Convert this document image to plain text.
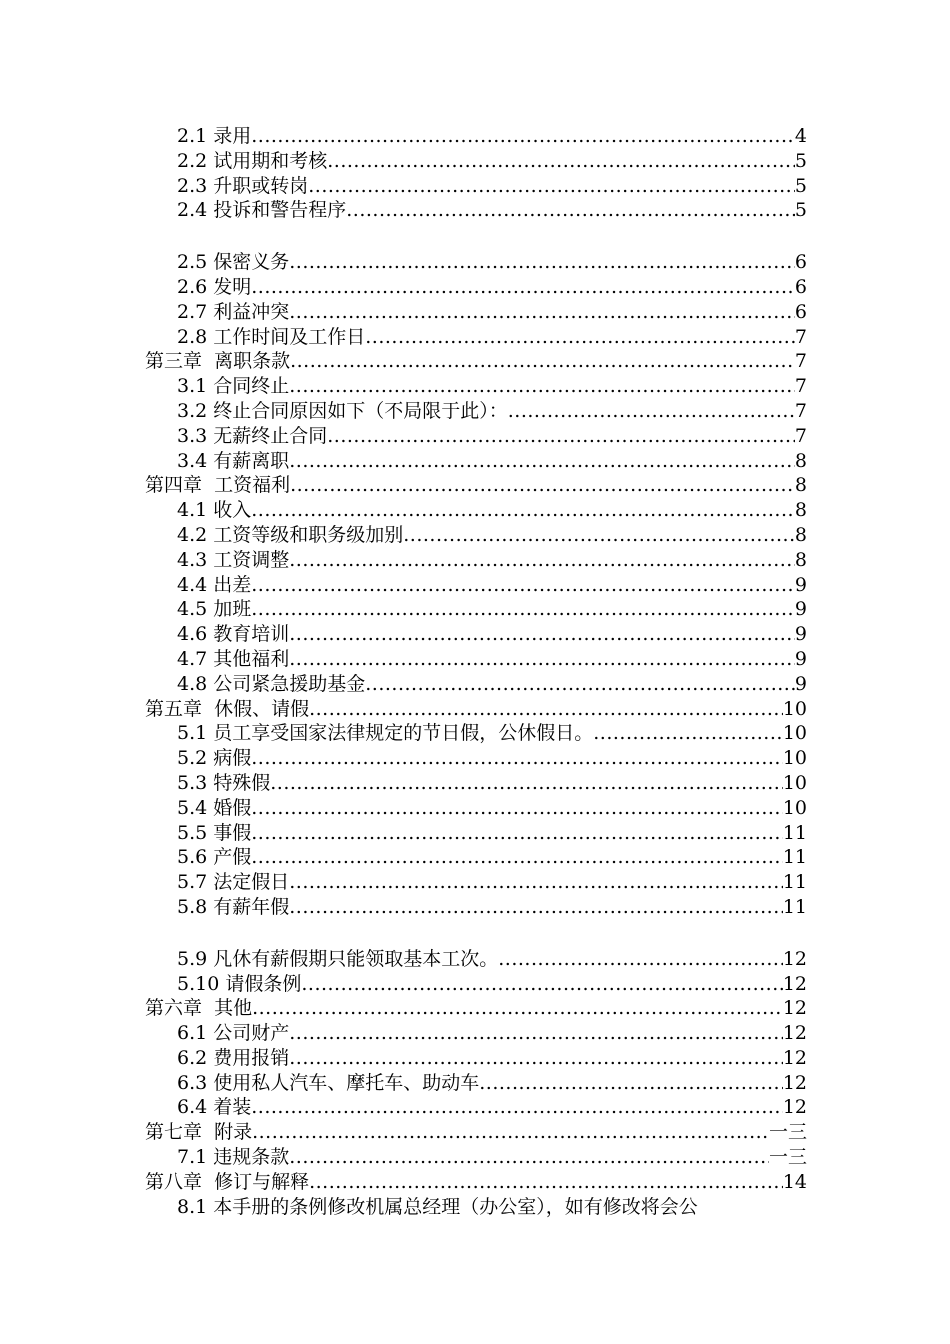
2.1 录用 .....	4
2.2 试用期和考核 .....	5
2.3 升职或转岗 .....	5
2.4 投诉和警告程序 .....	5
2.5 保密义务 .....	6
2.6 发明 .....	6
2.7 利益冲突 .....	6
2.8 工作时间及工作日 .....	7
第三章  离职条款 .....	7
3.1 合同终止 .....	7
3.2 终止合同原因如下（不局限于此）： .....	7
3.3 无薪终止合同 .....	7
3.4 有薪离职 .....	8
第四章  工资福利 .....	8
4.1 收入 .....	8
4.2 工资等级和职务级加别 .....	8
4.3 工资调整 .....	8
4.4 出差 .....	9
4.5 加班 .....	9
4.6 教育培训 .....	9
4.7 其他福利 .....	9
4.8 公司紧急援助基金 .....	9
第五章  休假、请假 .....	10
5.1 员工享受国家法律规定的节日假，公休假日。 .....	10
5.2 病假 .....	10
5.3 特殊假 .....	10
5.4 婚假 .....	10
5.5 事假 .....	11
5.6 产假 .....	11
5.7 法定假日 .....	11
5.8 有薪年假 .....	11
5.9 凡休有薪假期只能领取基本工次。 .....	12
5.10 请假条例 .....	12
第六章  其他 .....	12
6.1 公司财产 .....	12
6.2 费用报销 .....	12
6.3 使用私人汽车、摩托车、助动车 .....	12
6.4 着装 .....	12
第七章  附录 .....	一三
7.1 违规条款 .....	一三
第八章  修订与解释 .....	14
8.1 本手册的条例修改机属总经理（办公室），如有修改将会公
